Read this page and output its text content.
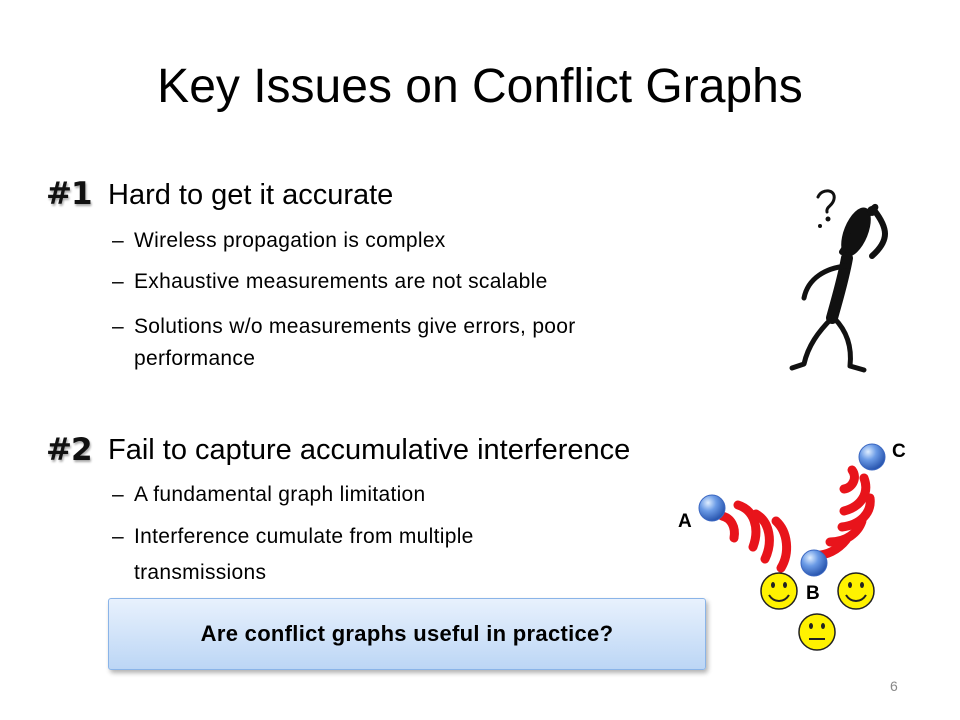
Key Issues on Conflict Graphs
#1 Hard to get it accurate
– Wireless propagation is complex
– Exhaustive measurements are not scalable
– Solutions w/o measurements give errors, poor
performance
#2 Fail to capture accumulative interference
– A fundamental graph limitation
– Interference cumulate from multiple
transmissions
Are conflict graphs useful in practice?
A
B
C
6
